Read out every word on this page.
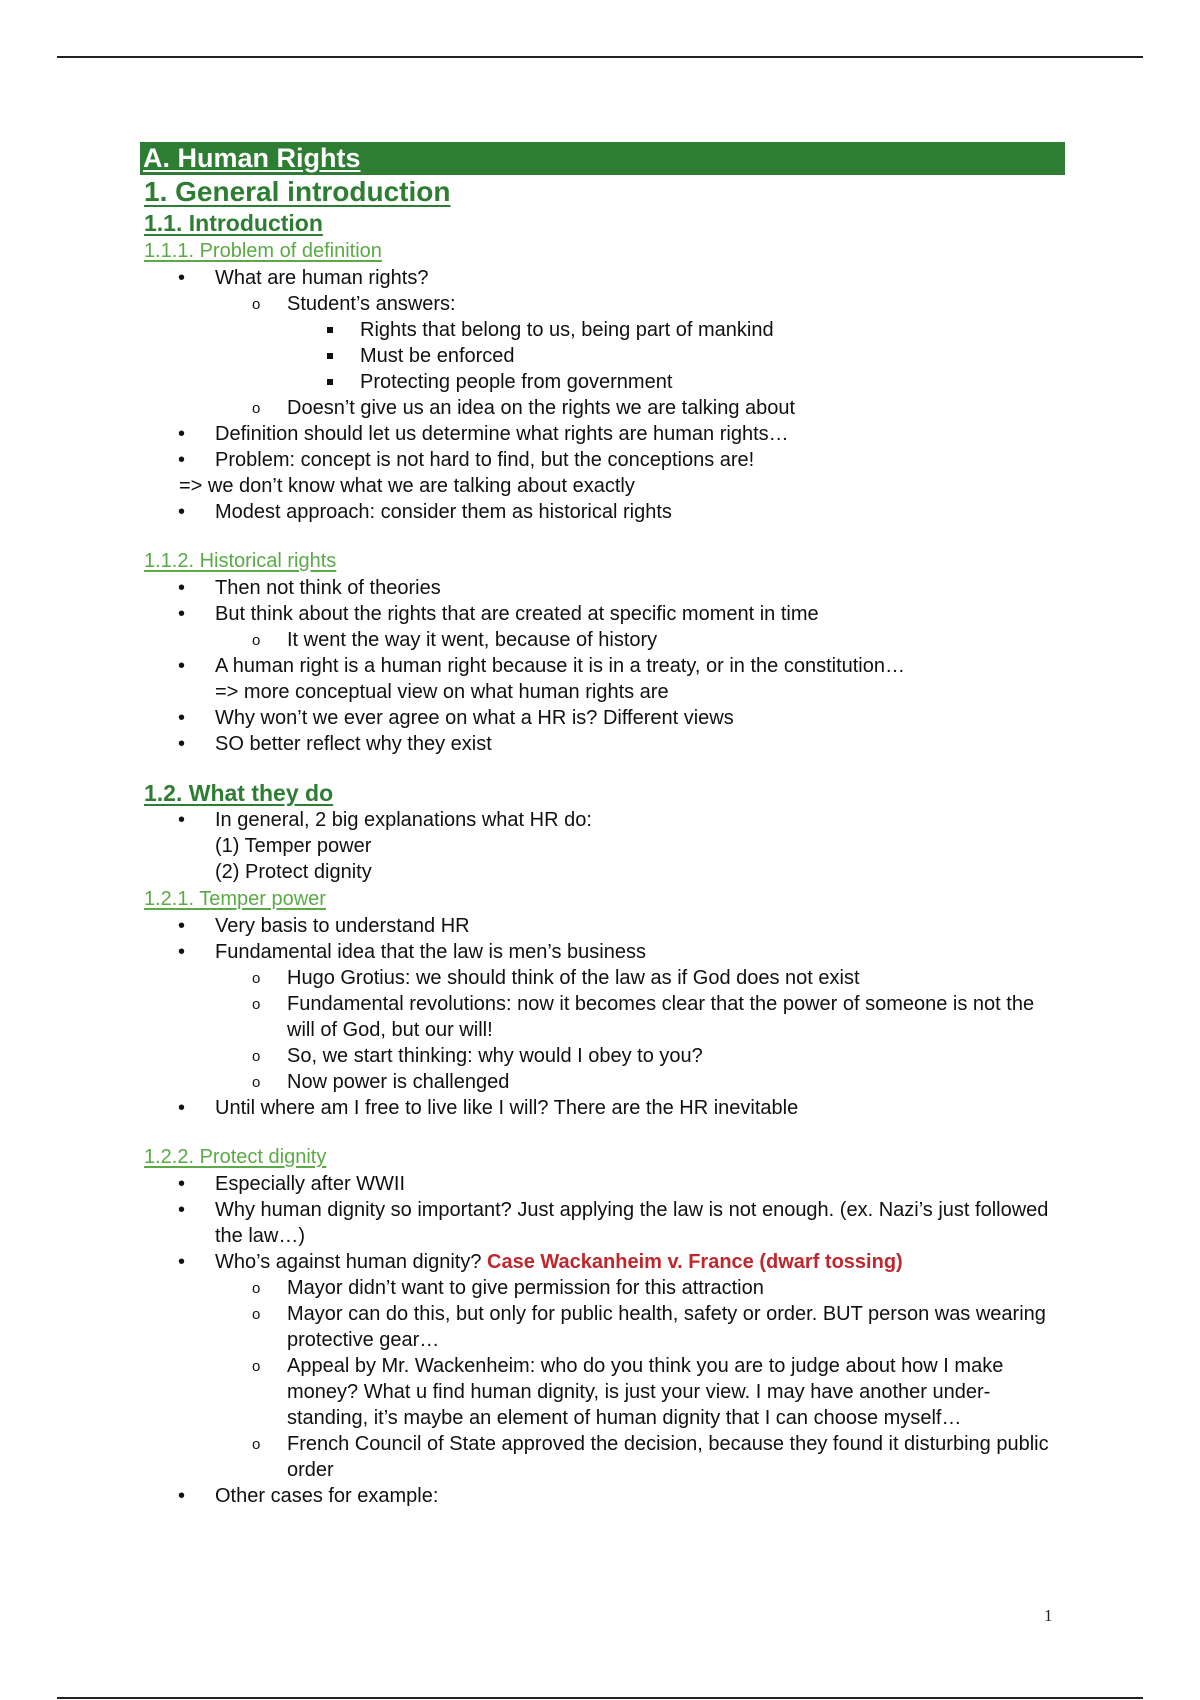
A. Human Rights
1. General introduction
1.1. Introduction
1.1.1. Problem of definition
• What are human rights?
o Student’s answers:
Rights that belong to us, being part of mankind
Must be enforced
Protecting people from government
o Doesn’t give us an idea on the rights we are talking about
• Definition should let us determine what rights are human rights…
• Problem: concept is not hard to find, but the conceptions are!
=> we don’t know what we are talking about exactly
• Modest approach: consider them as historical rights
1.1.2. Historical rights
• Then not think of theories
• But think about the rights that are created at specific moment in time
o It went the way it went, because of history
• A human right is a human right because it is in a treaty, or in the constitution…
=> more conceptual view on what human rights are
• Why won’t we ever agree on what a HR is? Different views
• SO better reflect why they exist
1.2. What they do
• In general, 2 big explanations what HR do:
(1) Temper power
(2) Protect dignity
1.2.1. Temper power
• Very basis to understand HR
• Fundamental idea that the law is men’s business
o Hugo Grotius: we should think of the law as if God does not exist
o Fundamental revolutions: now it becomes clear that the power of someone is not the will of God, but our will!
o So, we start thinking: why would I obey to you?
o Now power is challenged
• Until where am I free to live like I will? There are the HR inevitable
1.2.2. Protect dignity
• Especially after WWII
• Why human dignity so important? Just applying the law is not enough. (ex. Nazi’s just followed the law…)
• Who’s against human dignity? Case Wackanheim v. France (dwarf tossing)
o Mayor didn’t want to give permission for this attraction
o Mayor can do this, but only for public health, safety or order. BUT person was wearing protective gear…
o Appeal by Mr. Wackenheim: who do you think you are to judge about how I make money? What u find human dignity, is just your view. I may have another under-standing, it’s maybe an element of human dignity that I can choose myself…
o French Council of State approved the decision, because they found it disturbing public order
• Other cases for example:
1
